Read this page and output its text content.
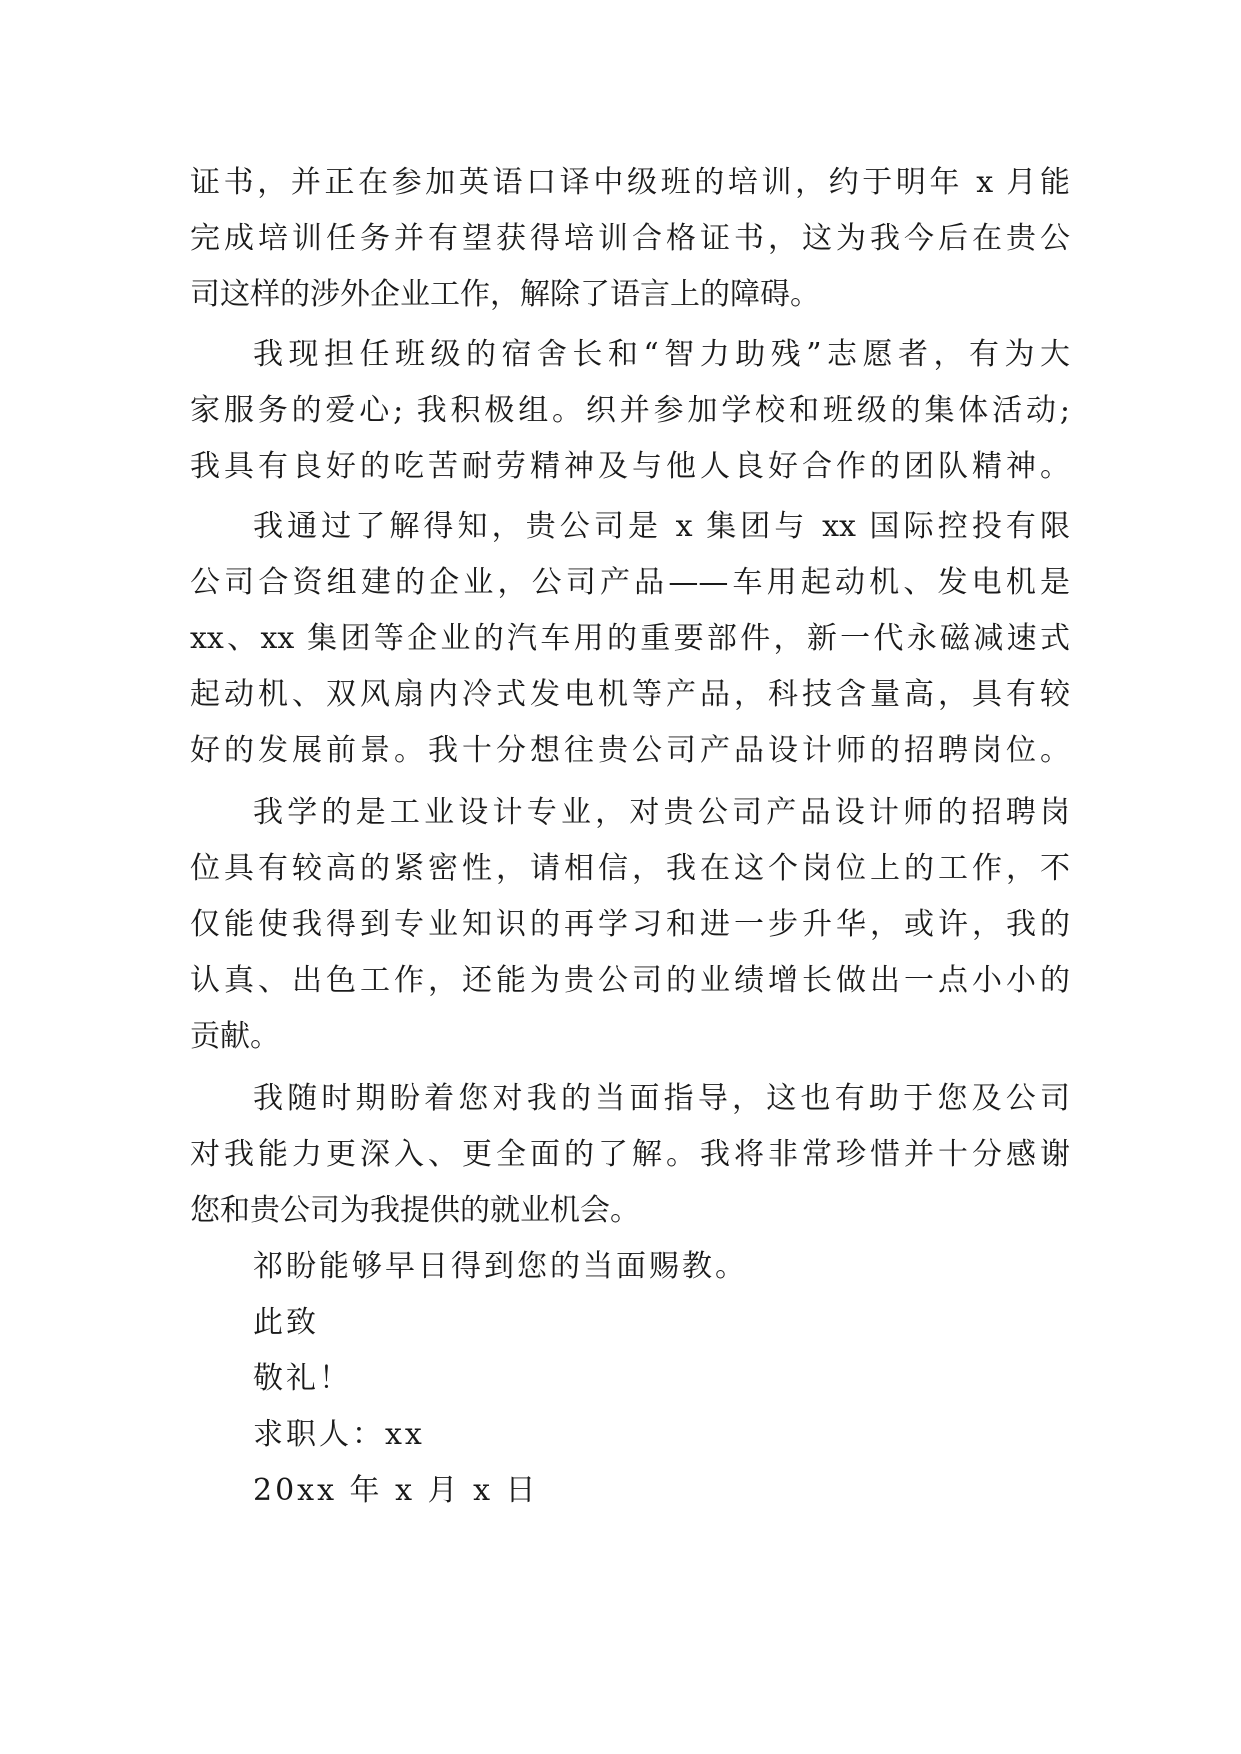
证书，并正在参加英语口译中级班的培训，约于明年 x 月能
完成培训任务并有望获得培训合格证书，这为我今后在贵公
司这样的涉外企业工作，解除了语言上的障碍。
我现担任班级的宿舍长和“智力助残”志愿者，有为大
家服务的爱心; 我积极组。织并参加学校和班级的集体活动;
我具有良好的吃苦耐劳精神及与他人良好合作的团队精神。
我通过了解得知，贵公司是 x 集团与 xx 国际控投有限
公司合资组建的企业，公司产品——车用起动机、发电机是
xx、xx 集团等企业的汽车用的重要部件，新一代永磁减速式
起动机、双风扇内冷式发电机等产品，科技含量高，具有较
好的发展前景。我十分想往贵公司产品设计师的招聘岗位。
我学的是工业设计专业，对贵公司产品设计师的招聘岗
位具有较高的紧密性，请相信，我在这个岗位上的工作，不
仅能使我得到专业知识的再学习和进一步升华，或许，我的
认真、出色工作，还能为贵公司的业绩增长做出一点小小的
贡献。
我随时期盼着您对我的当面指导，这也有助于您及公司
对我能力更深入、更全面的了解。我将非常珍惜并十分感谢
您和贵公司为我提供的就业机会。
祁盼能够早日得到您的当面赐教。
此致
敬礼！
求职人：xx
20xx 年 x 月 x 日
